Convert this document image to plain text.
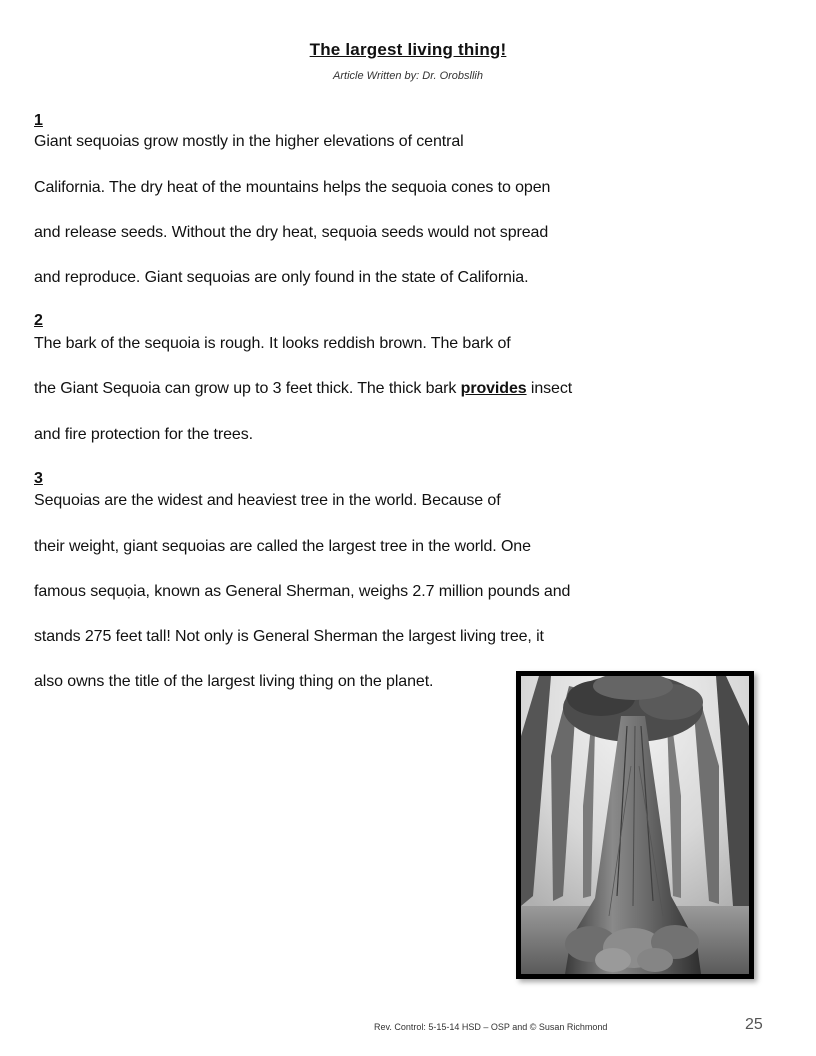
The largest living thing!
Article Written by: Dr. Orobsllih
1
Giant sequoias grow mostly in the higher elevations of central
California. The dry heat of the mountains helps the sequoia cones to open
and release seeds. Without the dry heat, sequoia seeds would not spread
and reproduce. Giant sequoias are only found in the state of California.
2
The bark of the sequoia is rough. It looks reddish brown. The bark of
the Giant Sequoia can grow up to 3 feet thick. The thick bark provides insect
and fire protection for the trees.
3
Sequoias are the widest and heaviest tree in the world. Because of
their weight, giant sequoias are called the largest tree in the world. One
famous sequọia, known as General Sherman, weighs 2.7 million pounds and
stands 275 feet tall! Not only is General Sherman the largest living tree, it
also owns the title of the largest living thing on the planet.
Rev. Control: 5-15-14 HSD – OSP and © Susan Richmond	25
